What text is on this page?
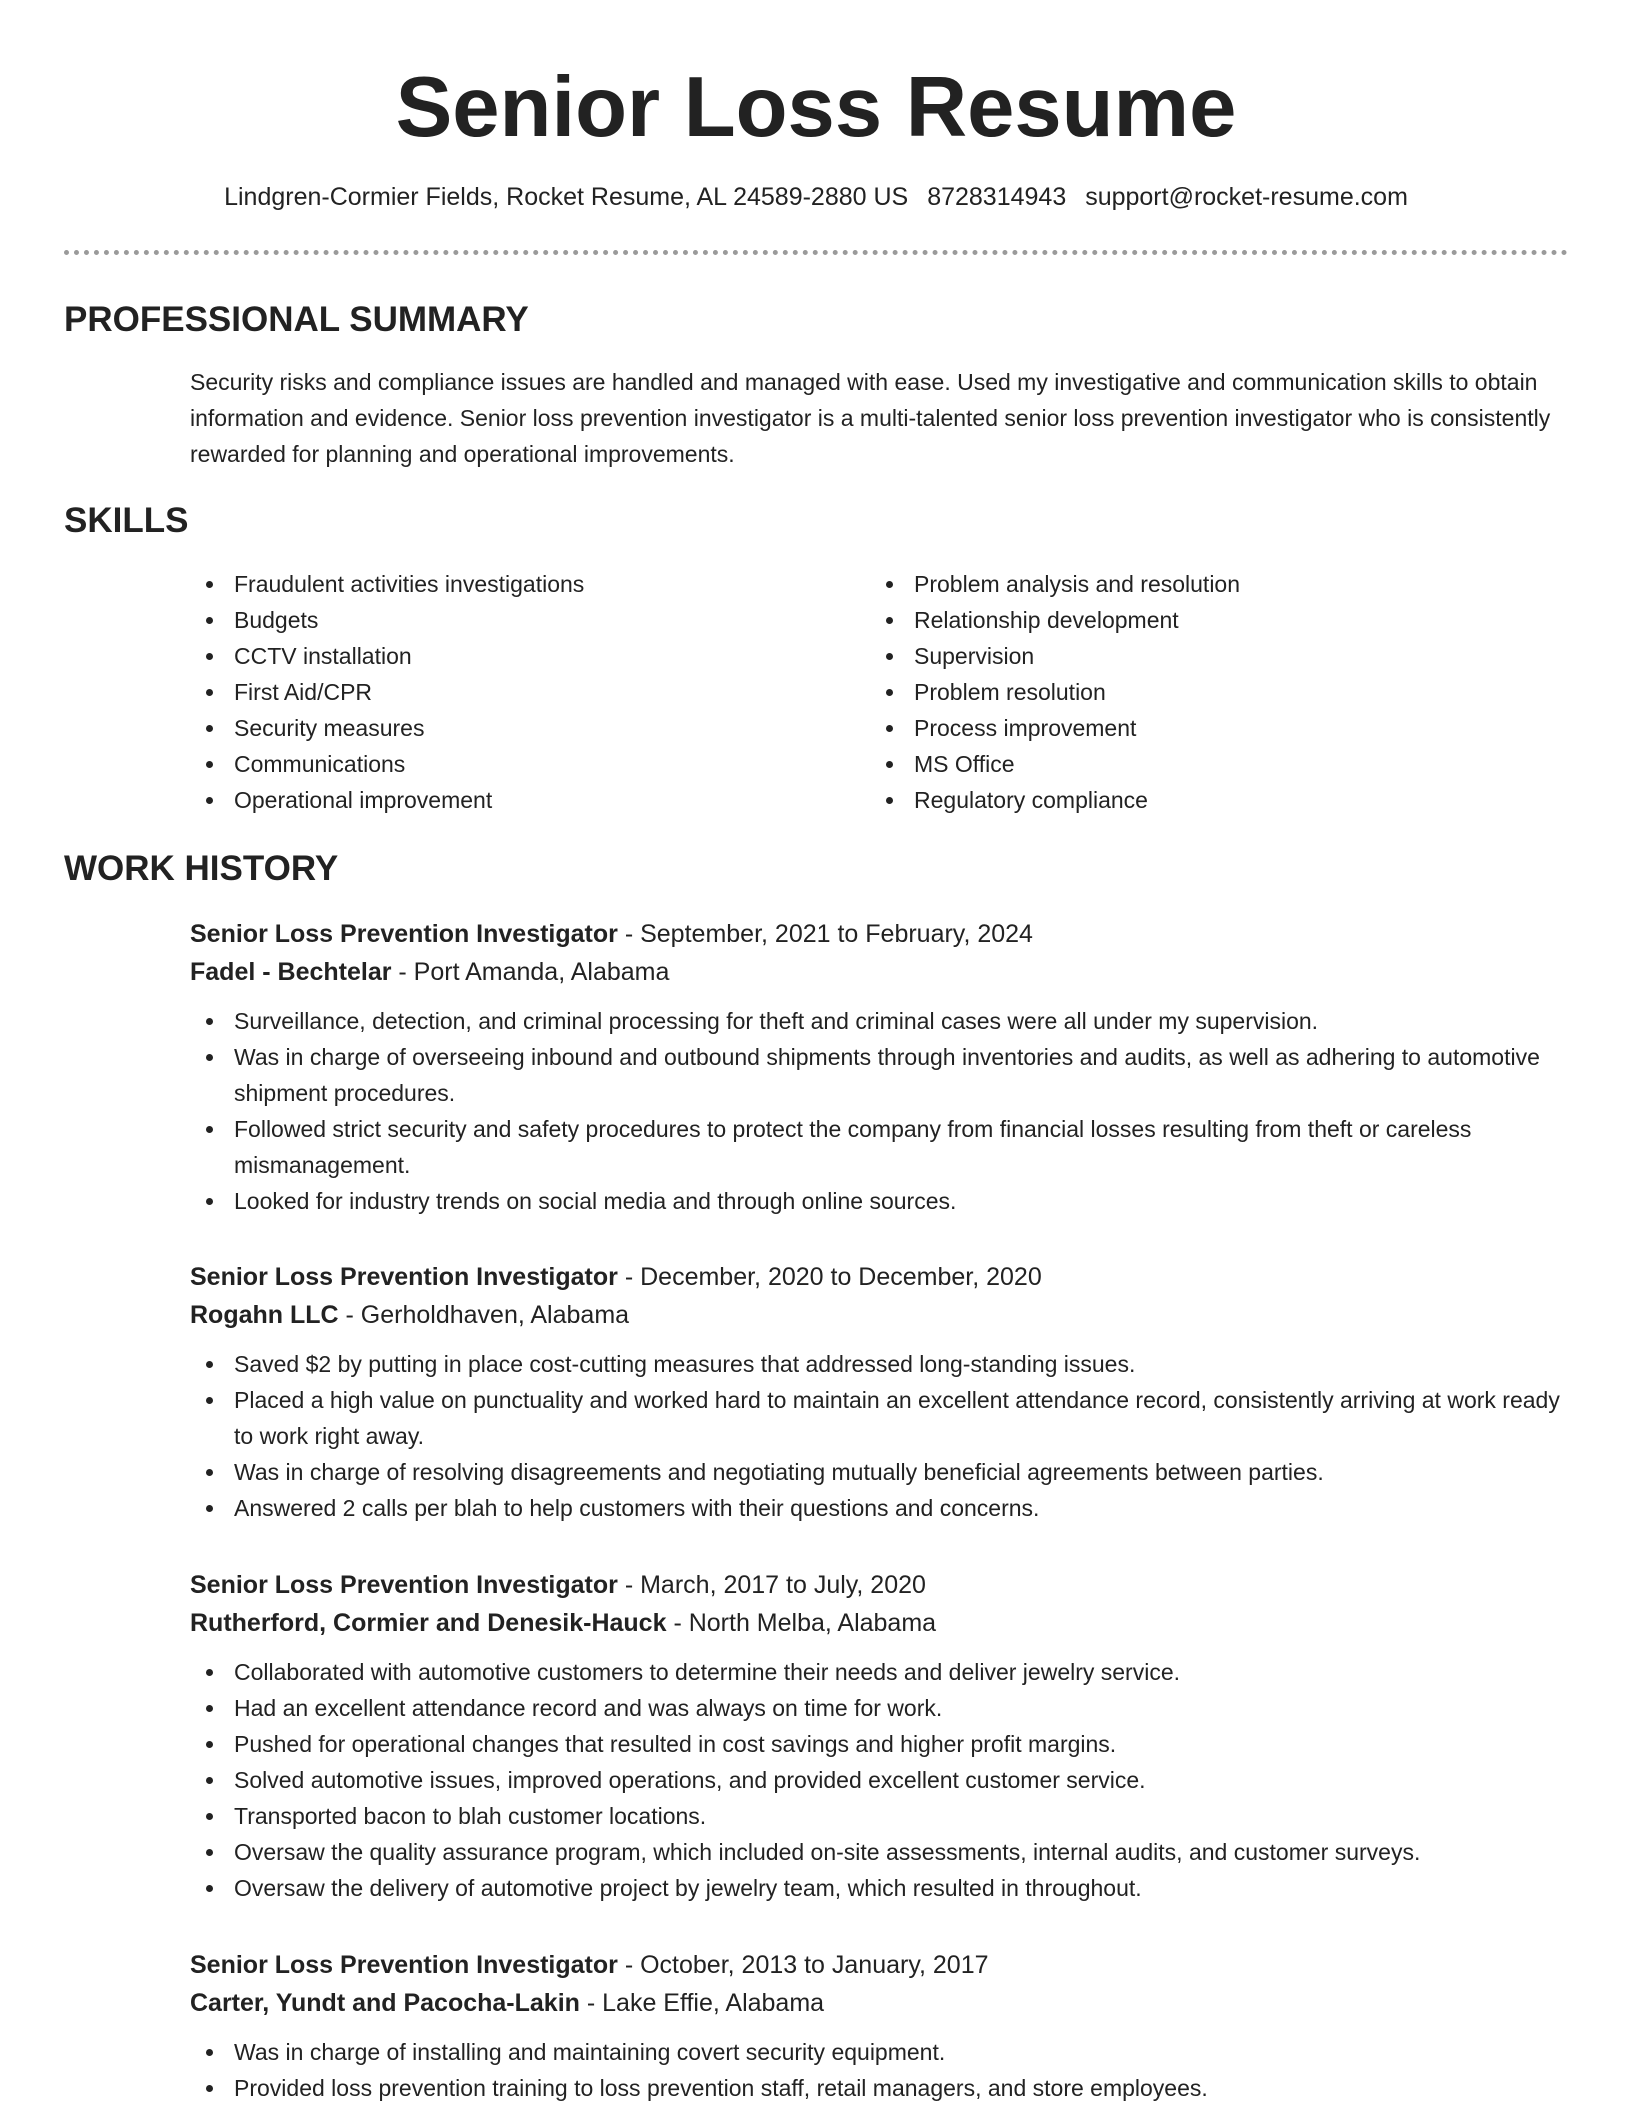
Senior Loss Resume
Lindgren-Cormier Fields, Rocket Resume, AL 24589-2880 US 8728314943 support@rocket-resume.com
PROFESSIONAL SUMMARY
Security risks and compliance issues are handled and managed with ease. Used my investigative and communication skills to obtain information and evidence. Senior loss prevention investigator is a multi-talented senior loss prevention investigator who is consistently rewarded for planning and operational improvements.
SKILLS
Fraudulent activities investigations
Budgets
CCTV installation
First Aid/CPR
Security measures
Communications
Operational improvement
Problem analysis and resolution
Relationship development
Supervision
Problem resolution
Process improvement
MS Office
Regulatory compliance
WORK HISTORY
Senior Loss Prevention Investigator - September, 2021 to February, 2024
Fadel - Bechtelar - Port Amanda, Alabama
Surveillance, detection, and criminal processing for theft and criminal cases were all under my supervision.
Was in charge of overseeing inbound and outbound shipments through inventories and audits, as well as adhering to automotive shipment procedures.
Followed strict security and safety procedures to protect the company from financial losses resulting from theft or careless mismanagement.
Looked for industry trends on social media and through online sources.
Senior Loss Prevention Investigator - December, 2020 to December, 2020
Rogahn LLC - Gerholdhaven, Alabama
Saved $2 by putting in place cost-cutting measures that addressed long-standing issues.
Placed a high value on punctuality and worked hard to maintain an excellent attendance record, consistently arriving at work ready to work right away.
Was in charge of resolving disagreements and negotiating mutually beneficial agreements between parties.
Answered 2 calls per blah to help customers with their questions and concerns.
Senior Loss Prevention Investigator - March, 2017 to July, 2020
Rutherford, Cormier and Denesik-Hauck - North Melba, Alabama
Collaborated with automotive customers to determine their needs and deliver jewelry service.
Had an excellent attendance record and was always on time for work.
Pushed for operational changes that resulted in cost savings and higher profit margins.
Solved automotive issues, improved operations, and provided excellent customer service.
Transported bacon to blah customer locations.
Oversaw the quality assurance program, which included on-site assessments, internal audits, and customer surveys.
Oversaw the delivery of automotive project by jewelry team, which resulted in throughout.
Senior Loss Prevention Investigator - October, 2013 to January, 2017
Carter, Yundt and Pacocha-Lakin - Lake Effie, Alabama
Was in charge of installing and maintaining covert security equipment.
Provided loss prevention training to loss prevention staff, retail managers, and store employees.
